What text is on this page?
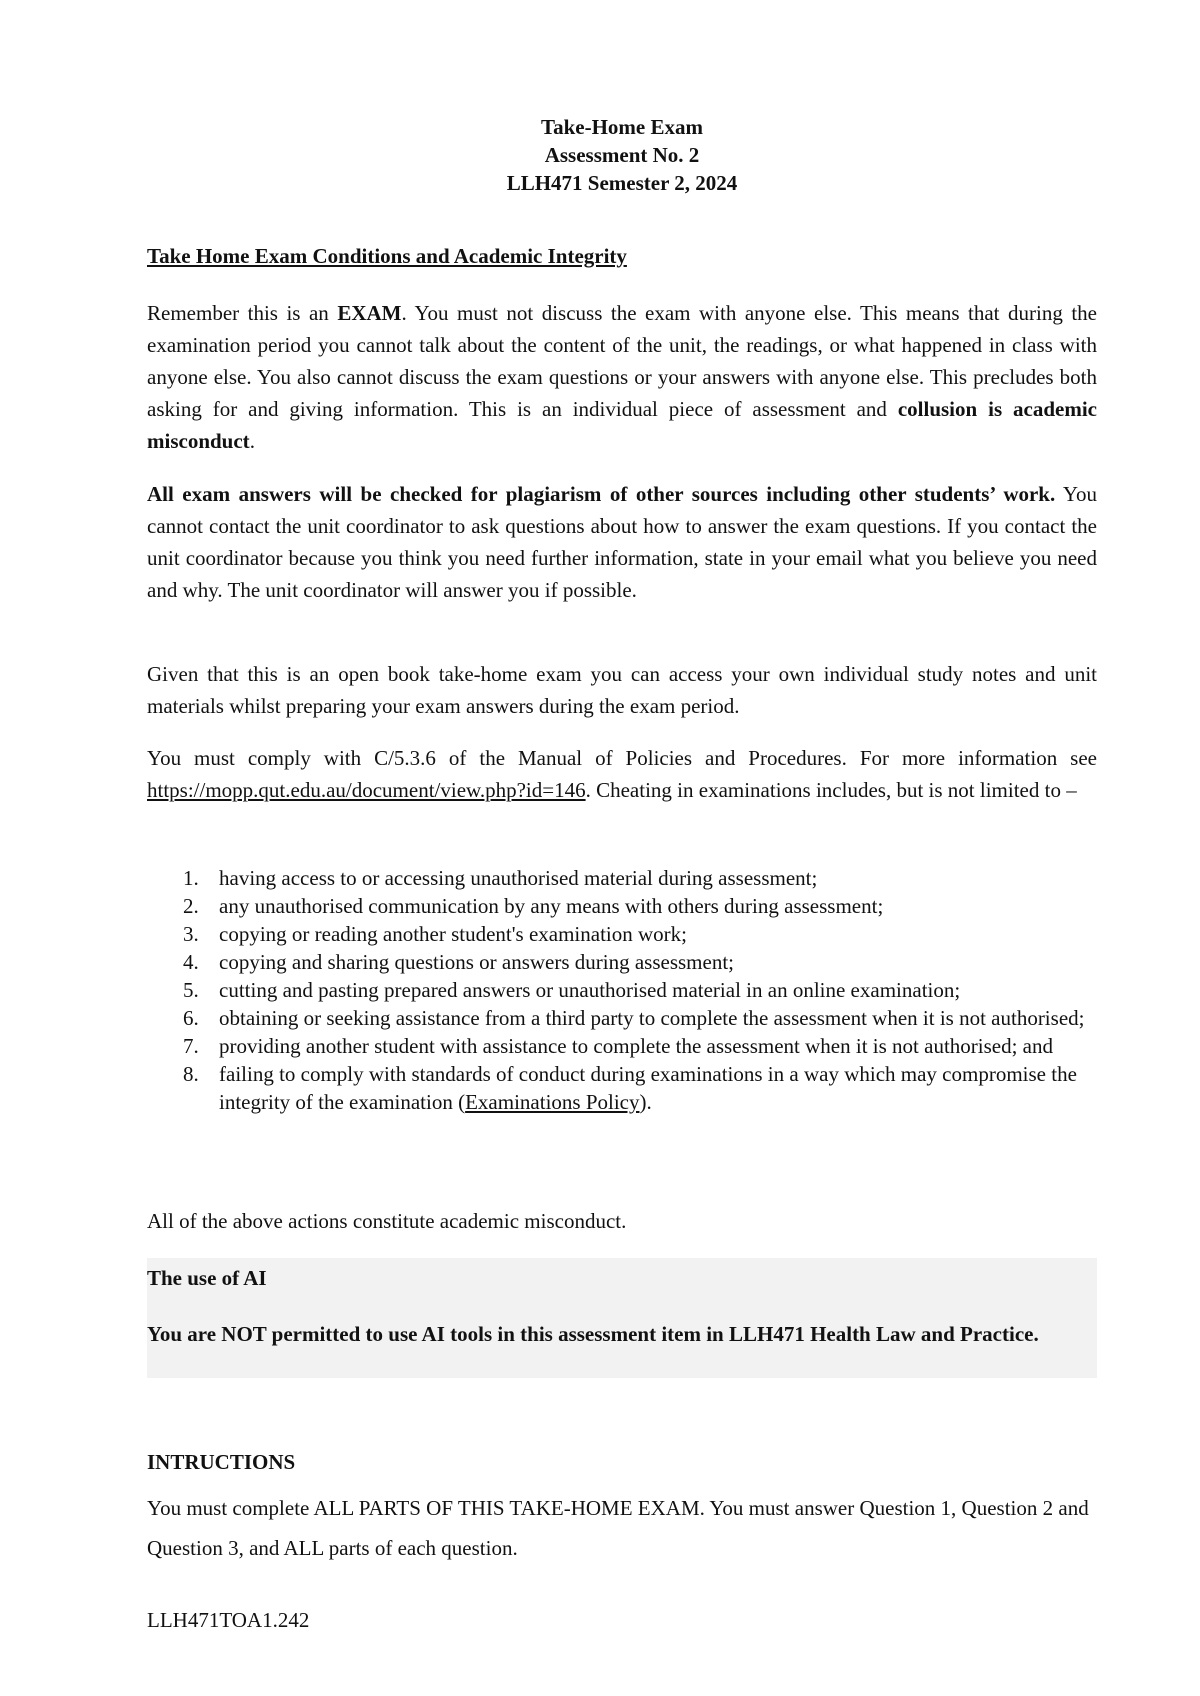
Take-Home Exam
Assessment No. 2
LLH471 Semester 2, 2024
Take Home Exam Conditions and Academic Integrity

Remember this is an EXAM. You must not discuss the exam with anyone else. This means that during the examination period you cannot talk about the content of the unit, the readings, or what happened in class with anyone else. You also cannot discuss the exam questions or your answers with anyone else. This precludes both asking for and giving information. This is an individual piece of assessment and collusion is academic misconduct.

All exam answers will be checked for plagiarism of other sources including other students’ work. You cannot contact the unit coordinator to ask questions about how to answer the exam questions. If you contact the unit coordinator because you think you need further information, state in your email what you believe you need and why. The unit coordinator will answer you if possible.

Given that this is an open book take-home exam you can access your own individual study notes and unit materials whilst preparing your exam answers during the exam period.

You must comply with C/5.3.6 of the Manual of Policies and Procedures. For more information see https://mopp.qut.edu.au/document/view.php?id=146. Cheating in examinations includes, but is not limited to –

1. having access to or accessing unauthorised material during assessment;
2. any unauthorised communication by any means with others during assessment;
3. copying or reading another student's examination work;
4. copying and sharing questions or answers during assessment;
5. cutting and pasting prepared answers or unauthorised material in an online examination;
6. obtaining or seeking assistance from a third party to complete the assessment when it is not authorised;
7. providing another student with assistance to complete the assessment when it is not authorised; and
8. failing to comply with standards of conduct during examinations in a way which may compromise the integrity of the examination (Examinations Policy).

All of the above actions constitute academic misconduct.

The use of AI
You are NOT permitted to use AI tools in this assessment item in LLH471 Health Law and Practice.
INTRUCTIONS

You must complete ALL PARTS OF THIS TAKE-HOME EXAM. You must answer Question 1, Question 2 and Question 3, and ALL parts of each question.

LLH471TOA1.242
